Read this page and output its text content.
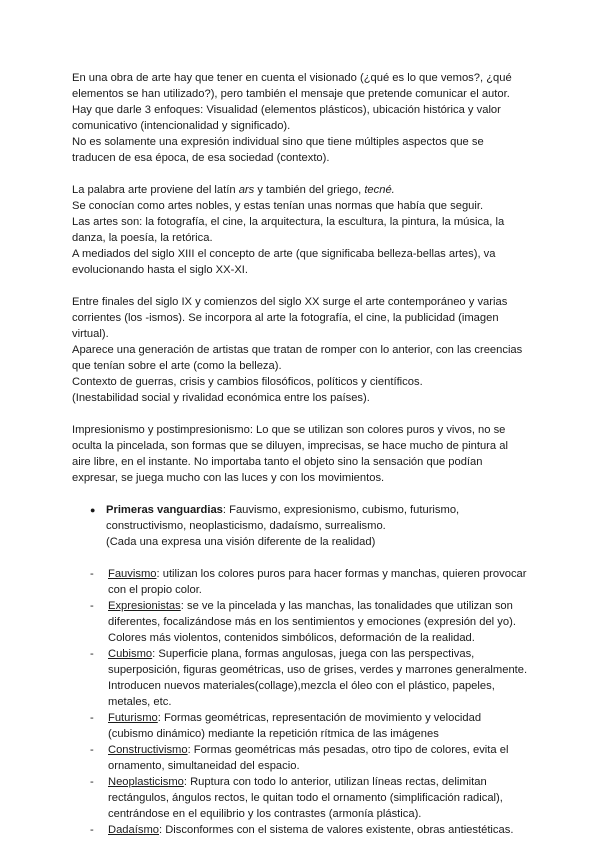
En una obra de arte hay que tener en cuenta el visionado (¿qué es lo que vemos?, ¿qué elementos se han utilizado?), pero también el mensaje que pretende comunicar el autor.

Hay que darle 3 enfoques: Visualidad (elementos plásticos), ubicación histórica y valor comunicativo (intencionalidad y significado).

No es solamente una expresión individual sino que tiene múltiples aspectos que se traducen de esa época, de esa sociedad (contexto).

La palabra arte proviene del latín ars y también del griego, tecné.

Se conocían como artes nobles, y estas tenían unas normas que había que seguir.

Las artes son: la fotografía, el cine, la arquitectura, la escultura, la pintura, la música, la danza, la poesía, la retórica.

A mediados del siglo XIII el concepto de arte (que significaba belleza-bellas artes), va evolucionando hasta el siglo XX-XI.

Entre finales del siglo IX y comienzos del siglo XX surge el arte contemporáneo y varias corrientes (los -ismos). Se incorpora al arte la fotografía, el cine, la publicidad (imagen virtual).

Aparece una generación de artistas que tratan de romper con lo anterior, con las creencias que tenían sobre el arte (como la belleza).

Contexto de guerras, crisis y cambios filosóficos, políticos y científicos.

(Inestabilidad social y rivalidad económica entre los países).

Impresionismo y postimpresionismo: Lo que se utilizan son colores puros y vivos, no se oculta la pincelada, son formas que se diluyen, imprecisas, se hace mucho de pintura al aire libre, en el instante. No importaba tanto el objeto sino la sensación que podían expresar, se juega mucho con las luces y con los movimientos.

● Primeras vanguardias: Fauvismo, expresionismo, cubismo, futurismo, constructivismo, neoplasticismo, dadaísmo, surrealismo.

(Cada una expresa una visión diferente de la realidad)

-	Fauvismo: utilizan los colores puros para hacer formas y manchas, quieren provocar con el propio color.

-	Expresionistas: se ve la pincelada y las manchas, las tonalidades que utilizan son diferentes, focalizándose más en los sentimientos y emociones (expresión del yo). Colores más violentos, contenidos simbólicos, deformación de la realidad.

-	Cubismo: Superficie plana, formas angulosas, juega con las perspectivas, superposición, figuras geométricas, uso de grises, verdes y marrones generalmente. Introducen nuevos materiales(collage),mezcla el óleo con el plástico, papeles, metales, etc.

-	Futurismo: Formas geométricas, representación de movimiento y velocidad (cubismo dinámico) mediante la repetición rítmica de las imágenes

-	Constructivismo: Formas geométricas más pesadas, otro tipo de colores, evita el ornamento, simultaneidad del espacio.

-	Neoplasticismo: Ruptura con todo lo anterior, utilizan líneas rectas, delimitan rectángulos, ángulos rectos, le quitan todo el ornamento (simplificación radical), centrándose en el equilibrio y los contrastes (armonía plástica).

-	Dadaísmo: Disconformes con el sistema de valores existente, obras antiestéticas.
